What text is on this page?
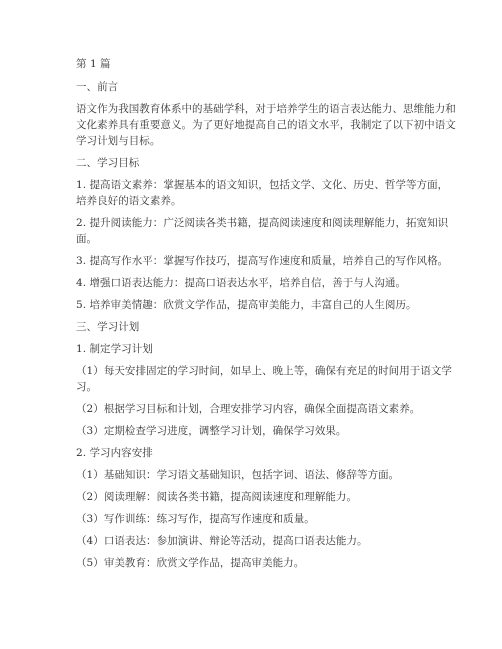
第 1 篇
一、前言
语文作为我国教育体系中的基础学科，对于培养学生的语言表达能力、思维能力和
文化素养具有重要意义。为了更好地提高自己的语文水平，我制定了以下初中语文
学习计划与目标。
二、学习目标
1. 提高语文素养：掌握基本的语文知识，包括文学、文化、历史、哲学等方面，
培养良好的语文素养。
2. 提升阅读能力：广泛阅读各类书籍，提高阅读速度和阅读理解能力，拓宽知识
面。
3. 提高写作水平：掌握写作技巧，提高写作速度和质量，培养自己的写作风格。
4. 增强口语表达能力：提高口语表达水平，培养自信，善于与人沟通。
5. 培养审美情趣：欣赏文学作品，提高审美能力，丰富自己的人生阅历。
三、学习计划
1. 制定学习计划
（1）每天安排固定的学习时间，如早上、晚上等，确保有充足的时间用于语文学
习。
（2）根据学习目标和计划，合理安排学习内容，确保全面提高语文素养。
（3）定期检查学习进度，调整学习计划，确保学习效果。
2. 学习内容安排
（1）基础知识：学习语文基础知识，包括字词、语法、修辞等方面。
（2）阅读理解：阅读各类书籍，提高阅读速度和理解能力。
（3）写作训练：练习写作，提高写作速度和质量。
（4）口语表达：参加演讲、辩论等活动，提高口语表达能力。
（5）审美教育：欣赏文学作品，提高审美能力。
